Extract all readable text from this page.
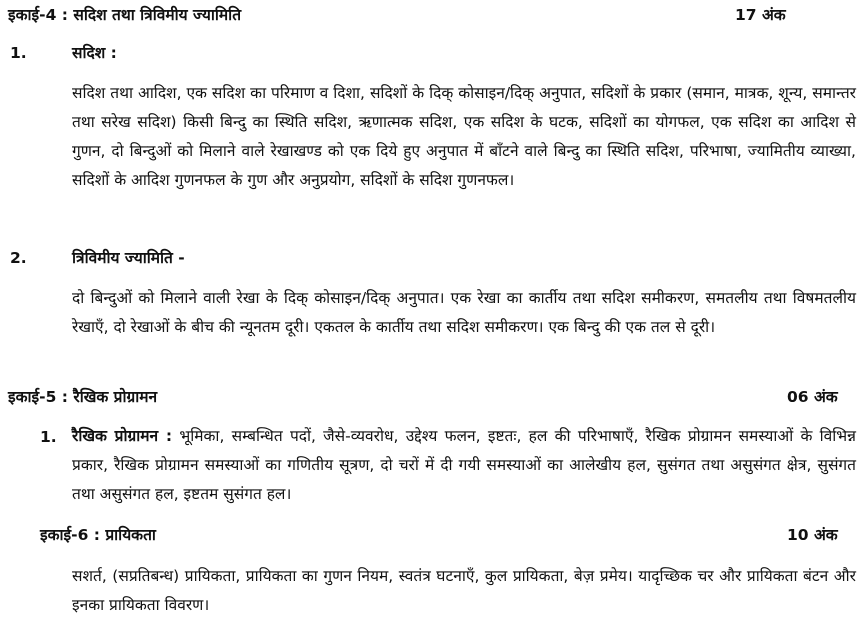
इकाई-4 : सदिश तथा त्रिविमीय ज्यामिति	17 अंक
1.	सदिश :
सदिश तथा आदिश, एक सदिश का परिमाण व दिशा, सदिशों के दिक् कोसाइन/दिक् अनुपात, सदिशों के प्रकार (समान, मात्रक, शून्य, समान्तर तथा सरेख सदिश) किसी बिन्दु का स्थिति सदिश, ऋणात्मक सदिश, एक सदिश के घटक, सदिशों का योगफल, एक सदिश का आदिश से गुणन, दो बिन्दुओं को मिलाने वाले रेखाखण्ड को एक दिये हुए अनुपात में बाँटने वाले बिन्दु का स्थिति सदिश, परिभाषा, ज्यामितीय व्याख्या, सदिशों के आदिश गुणनफल के गुण और अनुप्रयोग, सदिशों के सदिश गुणनफल।
2.	त्रिविमीय ज्यामिति -
दो बिन्दुओं को मिलाने वाली रेखा के दिक् कोसाइन/दिक् अनुपात। एक रेखा का कार्तीय तथा सदिश समीकरण, समतलीय तथा विषमतलीय रेखाएँ, दो रेखाओं के बीच की न्यूनतम दूरी। एकतल के कार्तीय तथा सदिश समीकरण। एक बिन्दु की एक तल से दूरी।
इकाई-5 : रैखिक प्रोग्रामन	06 अंक
1. रैखिक प्रोग्रामन : भूमिका, सम्बन्धित पदों, जैसे-व्यवरोध, उद्देश्य फलन, इष्टतः, हल की परिभाषाएँ, रैखिक प्रोग्रामन समस्याओं के विभिन्न प्रकार, रैखिक प्रोग्रामन समस्याओं का गणितीय सूत्रण, दो चरों में दी गयी समस्याओं का आलेखीय हल, सुसंगत तथा असुसंगत क्षेत्र, सुसंगत तथा असुसंगत हल, इष्टतम सुसंगत हल।
इकाई-6 : प्रायिकता	10 अंक
सशर्त, (सप्रतिबन्ध) प्रायिकता, प्रायिकता का गुणन नियम, स्वतंत्र घटनाएँ, कुल प्रायिकता, बेज़ प्रमेय। यादृच्छिक चर और प्रायिकता बंटन और इनका प्रायिकता विवरण।
